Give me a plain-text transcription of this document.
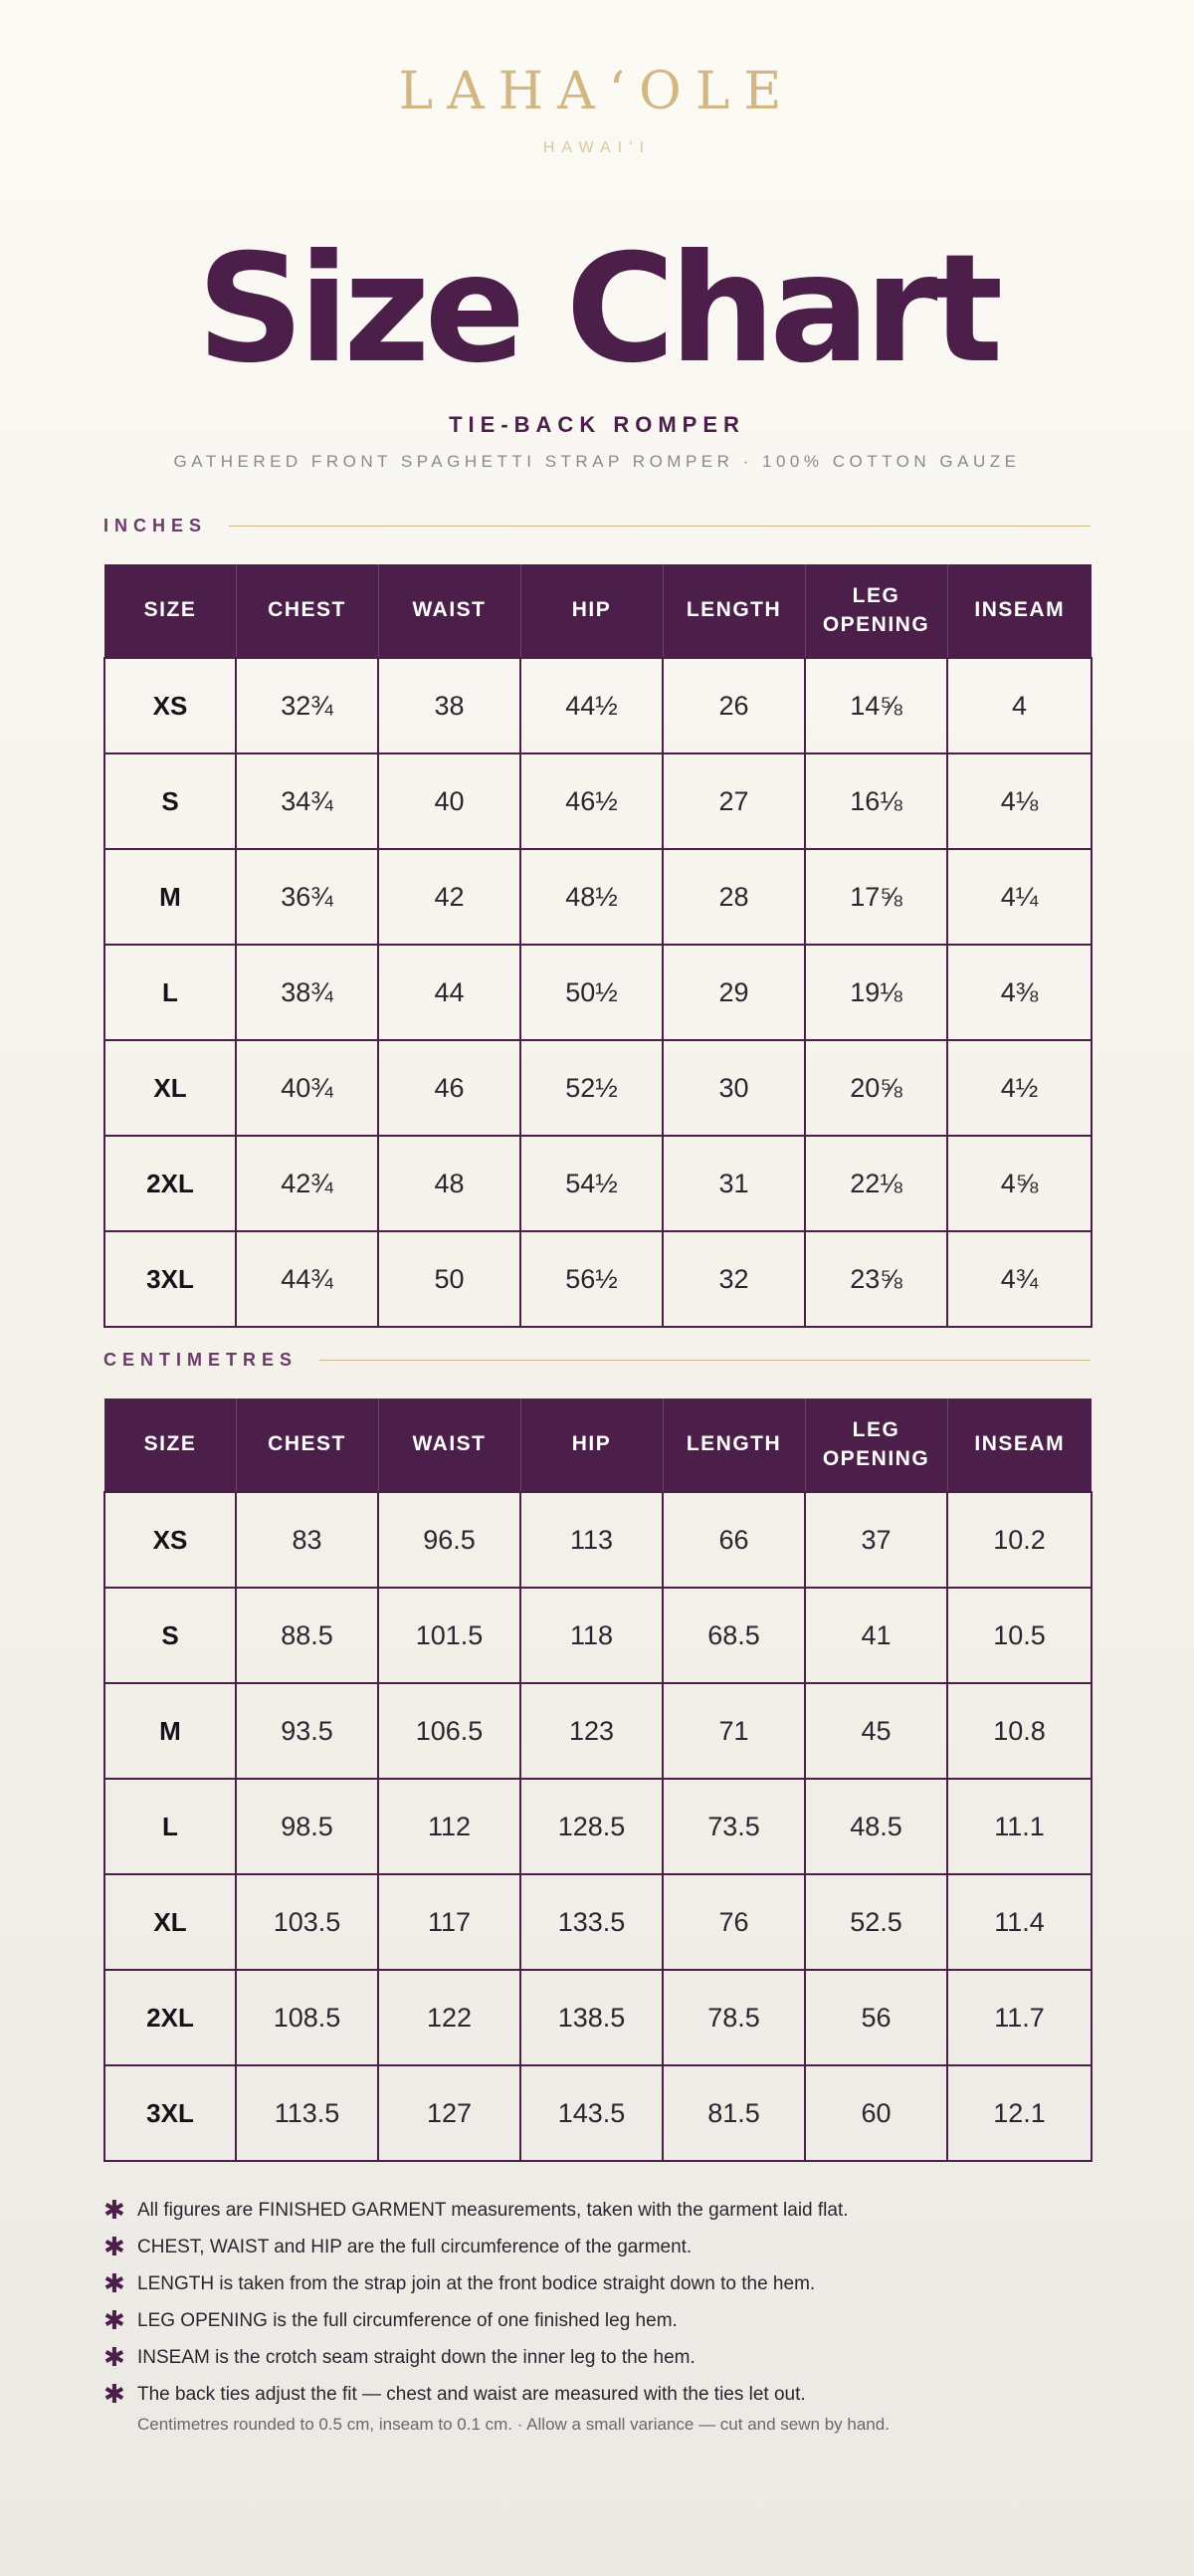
LAHAʻOLE
HAWAIʻI
Size Chart
TIE-BACK ROMPER
GATHERED FRONT SPAGHETTI STRAP ROMPER · 100% COTTON GAUZE
INCHES
SIZE	CHEST	WAIST	HIP	LENGTH	LEG OPENING	INSEAM
XS	32¾	38	44½	26	14⅝	4
S	34¾	40	46½	27	16⅛	4⅛
M	36¾	42	48½	28	17⅝	4¼
L	38¾	44	50½	29	19⅛	4⅜
XL	40¾	46	52½	30	20⅝	4½
2XL	42¾	48	54½	31	22⅛	4⅝
3XL	44¾	50	56½	32	23⅝	4¾
CENTIMETRES
SIZE	CHEST	WAIST	HIP	LENGTH	LEG OPENING	INSEAM
XS	83	96.5	113	66	37	10.2
S	88.5	101.5	118	68.5	41	10.5
M	93.5	106.5	123	71	45	10.8
L	98.5	112	128.5	73.5	48.5	11.1
XL	103.5	117	133.5	76	52.5	11.4
2XL	108.5	122	138.5	78.5	56	11.7
3XL	113.5	127	143.5	81.5	60	12.1
✱ All figures are FINISHED GARMENT measurements, taken with the garment laid flat.
✱ CHEST, WAIST and HIP are the full circumference of the garment.
✱ LENGTH is taken from the strap join at the front bodice straight down to the hem.
✱ LEG OPENING is the full circumference of one finished leg hem.
✱ INSEAM is the crotch seam straight down the inner leg to the hem.
✱ The back ties adjust the fit — chest and waist are measured with the ties let out.
Centimetres rounded to 0.5 cm, inseam to 0.1 cm. · Allow a small variance — cut and sewn by hand.
